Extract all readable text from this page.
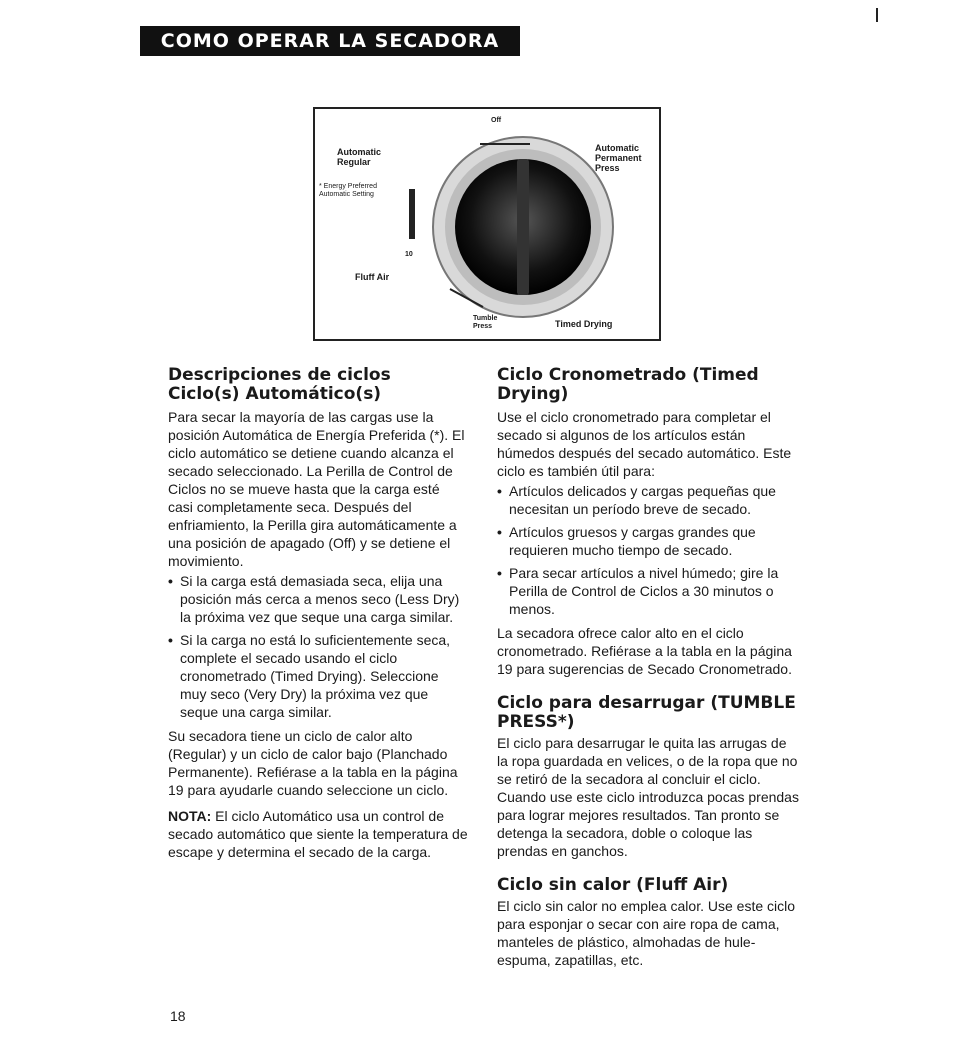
COMO OPERAR LA SECADORA
Automatic Regular
* Energy Preferred Automatic Setting
Fluff Air
Automatic Permanent Press
Timed Drying
Off
10
20
Off
Tumble Press

Descripciones de ciclos

Ciclo(s) Automático(s)

Para secar la mayoría de las cargas use la posición Automática de Energía Preferida (*). El ciclo automático se detiene cuando alcanza el secado seleccionado. La Perilla de Control de Ciclos no se mueve hasta que la carga esté casi completamente seca. Después del enfriamiento, la Perilla gira automáticamente a una posición de apagado (Off) y se detiene el movimiento.

• Si la carga está demasiada seca, elija una posición más cerca a menos seco (Less Dry) la próxima vez que seque una carga similar.
• Si la carga no está lo suficientemente seca, complete el secado usando el ciclo cronometrado (Timed Drying). Seleccione muy seco (Very Dry) la próxima vez que seque una carga similar.

Su secadora tiene un ciclo de calor alto (Regular) y un ciclo de calor bajo (Planchado Permanente). Refiérase a la tabla en la página 19 para ayudarle cuando seleccione un ciclo.

NOTA: El ciclo Automático usa un control de secado automático que siente la temperatura de escape y determina el secado de la carga.

Ciclo Cronometrado (Timed Drying)

Use el ciclo cronometrado para completar el secado si algunos de los artículos están húmedos después del secado automático. Este ciclo es también útil para:

• Artículos delicados y cargas pequeñas que necesitan un período breve de secado.
• Artículos gruesos y cargas grandes que requieren mucho tiempo de secado.
• Para secar artículos a nivel húmedo; gire la Perilla de Control de Ciclos a 30 minutos o menos.

La secadora ofrece calor alto en el ciclo cronometrado. Refiérase a la tabla en la página 19 para sugerencias de Secado Cronometrado.

Ciclo para desarrugar (TUMBLE PRESS*)

El ciclo para desarrugar le quita las arrugas de la ropa guardada en velices, o de la ropa que no se retiró de la secadora al concluir el ciclo. Cuando use este ciclo introduzca pocas prendas para lograr mejores resultados. Tan pronto se detenga la secadora, doble o coloque las prendas en ganchos.

Ciclo sin calor (Fluff Air)

El ciclo sin calor no emplea calor. Use este ciclo para esponjar o secar con aire ropa de cama, manteles de plástico, almohadas de hule-espuma, zapatillas, etc.

18
